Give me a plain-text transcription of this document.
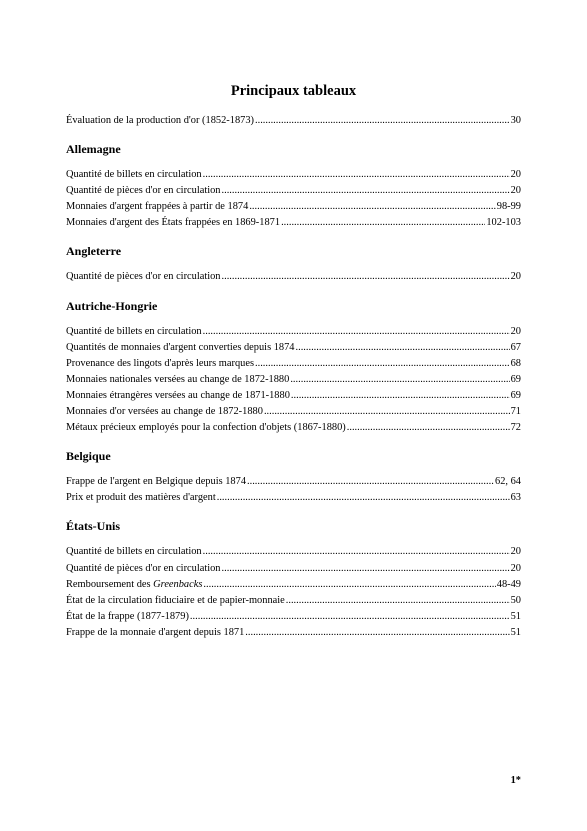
Principaux tableaux
Évaluation de la production d'or (1852-1873) .....	30
Allemagne
Quantité de billets en circulation .....	20
Quantité de pièces d'or en circulation .....	20
Monnaies d'argent frappées à partir de 1874 .....	98-99
Monnaies d'argent des États frappées en 1869-1871 .....	102-103
Angleterre
Quantité de pièces d'or en circulation .....	20
Autriche-Hongrie
Quantité de billets en circulation .....	20
Quantités de monnaies d'argent converties depuis 1874 .....	67
Provenance des lingots d'après leurs marques .....	68
Monnaies nationales versées au change de 1872-1880 .....	69
Monnaies étrangères versées au change de 1871-1880 .....	69
Monnaies d'or versées au change de 1872-1880 .....	71
Métaux précieux employés pour la confection d'objets (1867-1880) .....	72
Belgique
Frappe de l'argent en Belgique depuis 1874 .....	62, 64
Prix et produit des matières d'argent .....	63
États-Unis
Quantité de billets en circulation .....	20
Quantité de pièces d'or en circulation .....	20
Remboursement des Greenbacks .....	48-49
État de la circulation fiduciaire et de papier-monnaie .....	50
État de la frappe (1877-1879) .....	51
Frappe de la monnaie d'argent depuis 1871 .....	51
1*
